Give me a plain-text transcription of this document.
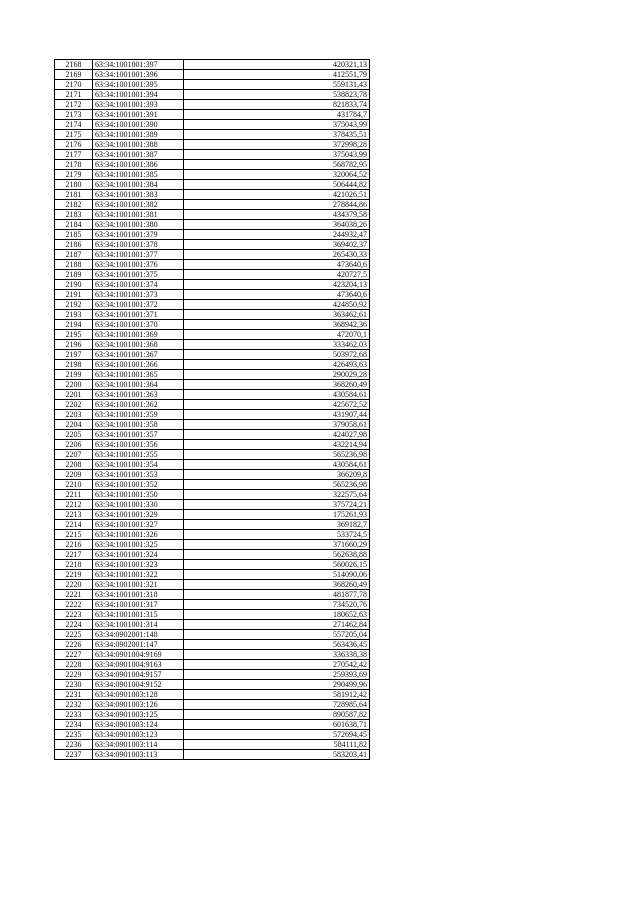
2168	63:34:1001001:397	420321,13
2169	63:34:1001001:396	412551,79
2170	63:34:1001001:395	559131,43
2171	63:34:1001001:394	538823,78
2172	63:34:1001001:393	821833,74
2173	63:34:1001001:391	431784,7
2174	63:34:1001001:390	375043,99
2175	63:34:1001001:389	378435,51
2176	63:34:1001001:388	372998,28
2177	63:34:1001001:387	375043,99
2178	63:34:1001001:386	568782,95
2179	63:34:1001001:385	320064,52
2180	63:34:1001001:384	506444,82
2181	63:34:1001001:383	421026,51
2182	63:34:1001001:382	278844,86
2183	63:34:1001001:381	434379,58
2184	63:34:1001001:380	364038,26
2185	63:34:1001001:379	244932,47
2186	63:34:1001001:378	369402,37
2187	63:34:1001001:377	265430,33
2188	63:34:1001001:376	473640,6
2189	63:34:1001001:375	420727,5
2190	63:34:1001001:374	423204,13
2191	63:34:1001001:373	473640,6
2192	63:34:1001001:372	424850,92
2193	63:34:1001001:371	363462,61
2194	63:34:1001001:370	368942,36
2195	63:34:1001001:369	472070,1
2196	63:34:1001001:368	333462,03
2197	63:34:1001001:367	503972,68
2198	63:34:1001001:366	426493,63
2199	63:34:1001001:365	290029,28
2200	63:34:1001001:364	368260,49
2201	63:34:1001001:363	430584,61
2202	63:34:1001001:362	425672,52
2203	63:34:1001001:359	431907,44
2204	63:34:1001001:358	379058,61
2205	63:34:1001001:357	424027,98
2206	63:34:1001001:356	432214,94
2207	63:34:1001001:355	565236,98
2208	63:34:1001001:354	430584,61
2209	63:34:1001001:353	366209,8
2210	63:34:1001001:352	565236,98
2211	63:34:1001001:350	322575,64
2212	63:34:1001001:330	375724,21
2213	63:34:1001001:329	175261,93
2214	63:34:1001001:327	369182,7
2215	63:34:1001001:326	533724,5
2216	63:34:1001001:325	371660,29
2217	63:34:1001001:324	562638,88
2218	63:34:1001001:323	560026,15
2219	63:34:1001001:322	514090,06
2220	63:34:1001001:321	368260,49
2221	63:34:1001001:318	481877,78
2222	63:34:1001001:317	734520,76
2223	63:34:1001001:315	180652,63
2224	63:34:1001001:314	271462,84
2225	63:34:0902001:148	557205,04
2226	63:34:0902001:147	563436,45
2227	63:34:0901004:9169	336338,38
2228	63:34:0901004:9163	270542,42
2229	63:34:0901004:9157	259393,69
2230	63:34:0901004:9152	290499,96
2231	63:34:0901003:128	581912,42
2232	63:34:0901003:126	728985,64
2233	63:34:0901003:125	890587,82
2234	63:34:0901003:124	601638,71
2235	63:34:0901003:123	572694,45
2236	63:34:0901003:114	584111,82
2237	63:34:0901003:113	583203,41
